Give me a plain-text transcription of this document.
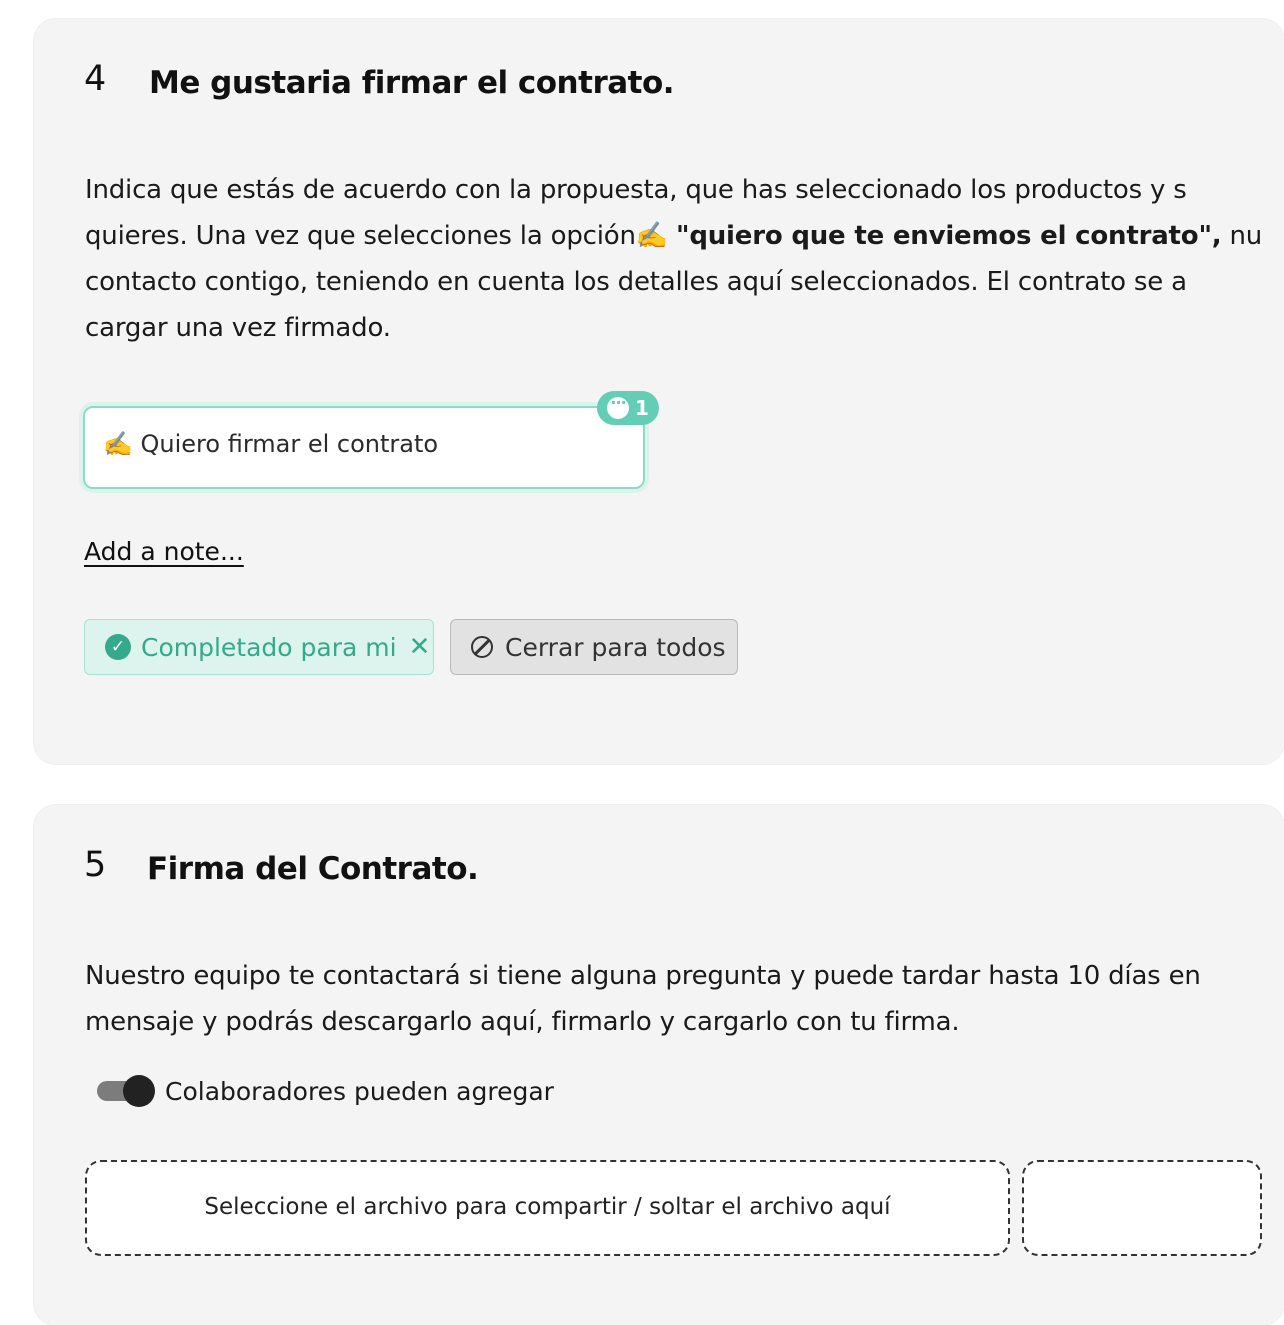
4 Me gustaria firmar el contrato.
Indica que estás de acuerdo con la propuesta, que has seleccionado los productos y s
quieres. Una vez que selecciones la opción✍️ "quiero que te enviemos el contrato", nu
contacto contigo, teniendo en cuenta los detalles aquí seleccionados. El contrato se a
cargar una vez firmado.
✍️ Quiero firmar el contrato
...
1
Add a note...
✓ Completado para mi ✕	Cerrar para todos
5 Firma del Contrato.
Nuestro equipo te contactará si tiene alguna pregunta y puede tardar hasta 10 días en
mensaje y podrás descargarlo aquí, firmarlo y cargarlo con tu firma.
Colaboradores pueden agregar
Seleccione el archivo para compartir / soltar el archivo aquí
